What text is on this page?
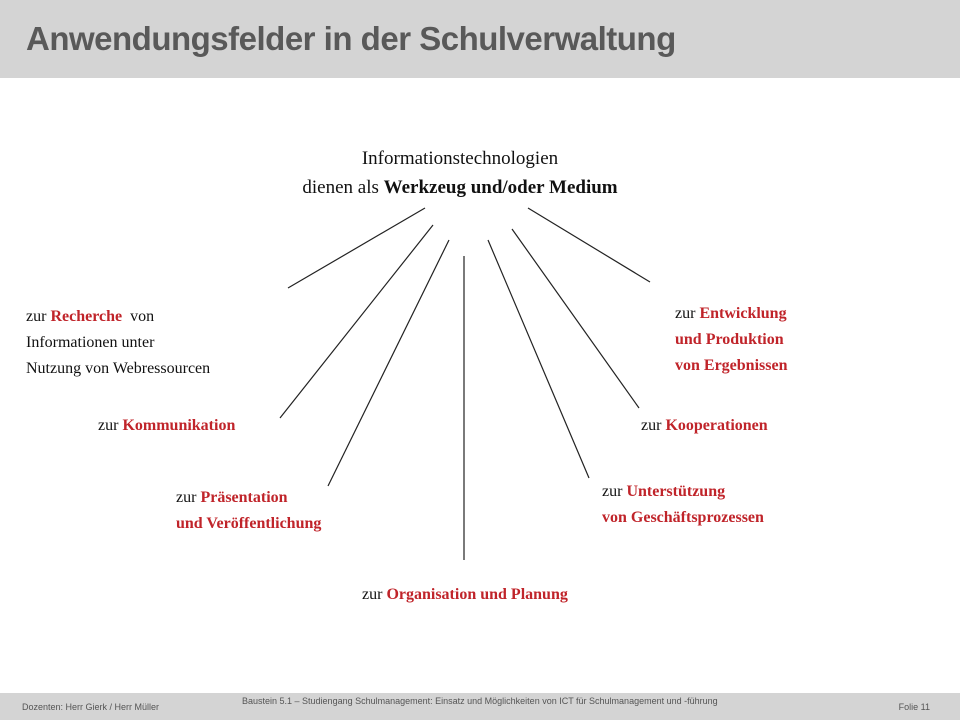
Anwendungsfelder in der Schulverwaltung
Informationstechnologien
dienen als Werkzeug und/oder Medium
zur Recherche von
Informationen unter
Nutzung von Webressourcen
zur Kommunikation
zur Präsentation
und Veröffentlichung
zur Organisation und Planung
zur Unterstützung
von Geschäftsprozessen
zur Kooperationen
zur Entwicklung
und Produktion
von Ergebnissen
Dozenten: Herr Gierk / Herr Müller
Baustein 5.1 – Studiengang Schulmanagement: Einsatz und Möglichkeiten von ICT für Schulmanagement und -führung
Folie 11
